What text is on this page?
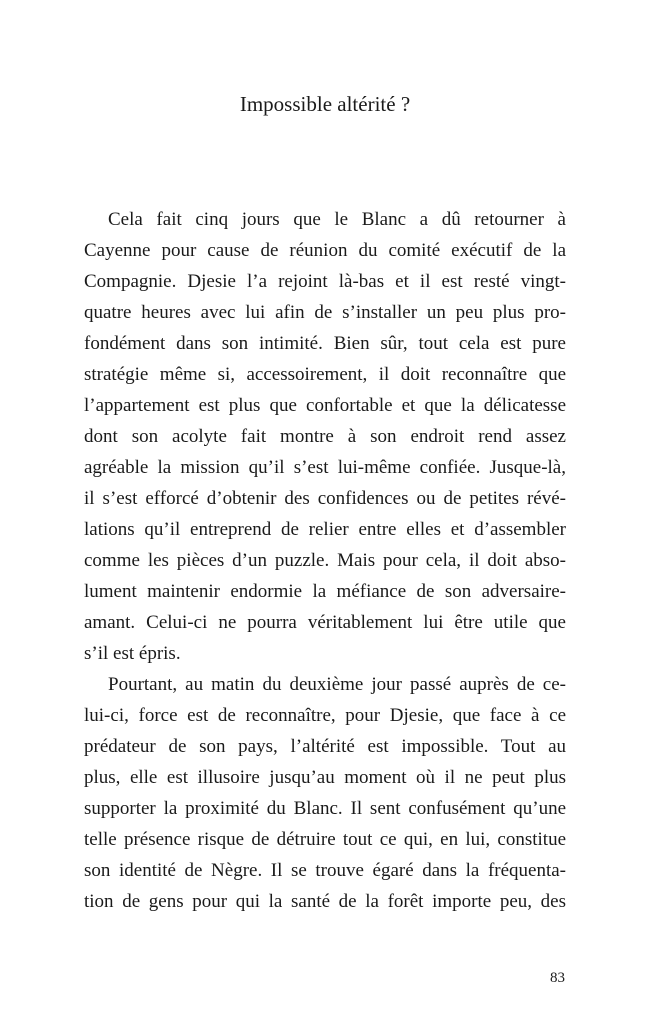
Impossible altérité ?
Cela fait cinq jours que le Blanc a dû retourner à
Cayenne pour cause de réunion du comité exécutif de la
Compagnie. Djesie l’a rejoint là-bas et il est resté vingt-
quatre heures avec lui afin de s’installer un peu plus pro-
fondément dans son intimité. Bien sûr, tout cela est pure
stratégie même si, accessoirement, il doit reconnaître que
l’appartement est plus que confortable et que la délicatesse
dont son acolyte fait montre à son endroit rend assez
agréable la mission qu’il s’est lui-même confiée. Jusque-là,
il s’est efforcé d’obtenir des confidences ou de petites révé-
lations qu’il entreprend de relier entre elles et d’assembler
comme les pièces d’un puzzle. Mais pour cela, il doit abso-
lument maintenir endormie la méfiance de son adversaire-
amant. Celui-ci ne pourra véritablement lui être utile que
s’il est épris.
Pourtant, au matin du deuxième jour passé auprès de ce-
lui-ci, force est de reconnaître, pour Djesie, que face à ce
prédateur de son pays, l’altérité est impossible. Tout au
plus, elle est illusoire jusqu’au moment où il ne peut plus
supporter la proximité du Blanc. Il sent confusément qu’une
telle présence risque de détruire tout ce qui, en lui, constitue
son identité de Nègre. Il se trouve égaré dans la fréquenta-
tion de gens pour qui la santé de la forêt importe peu, des
83
